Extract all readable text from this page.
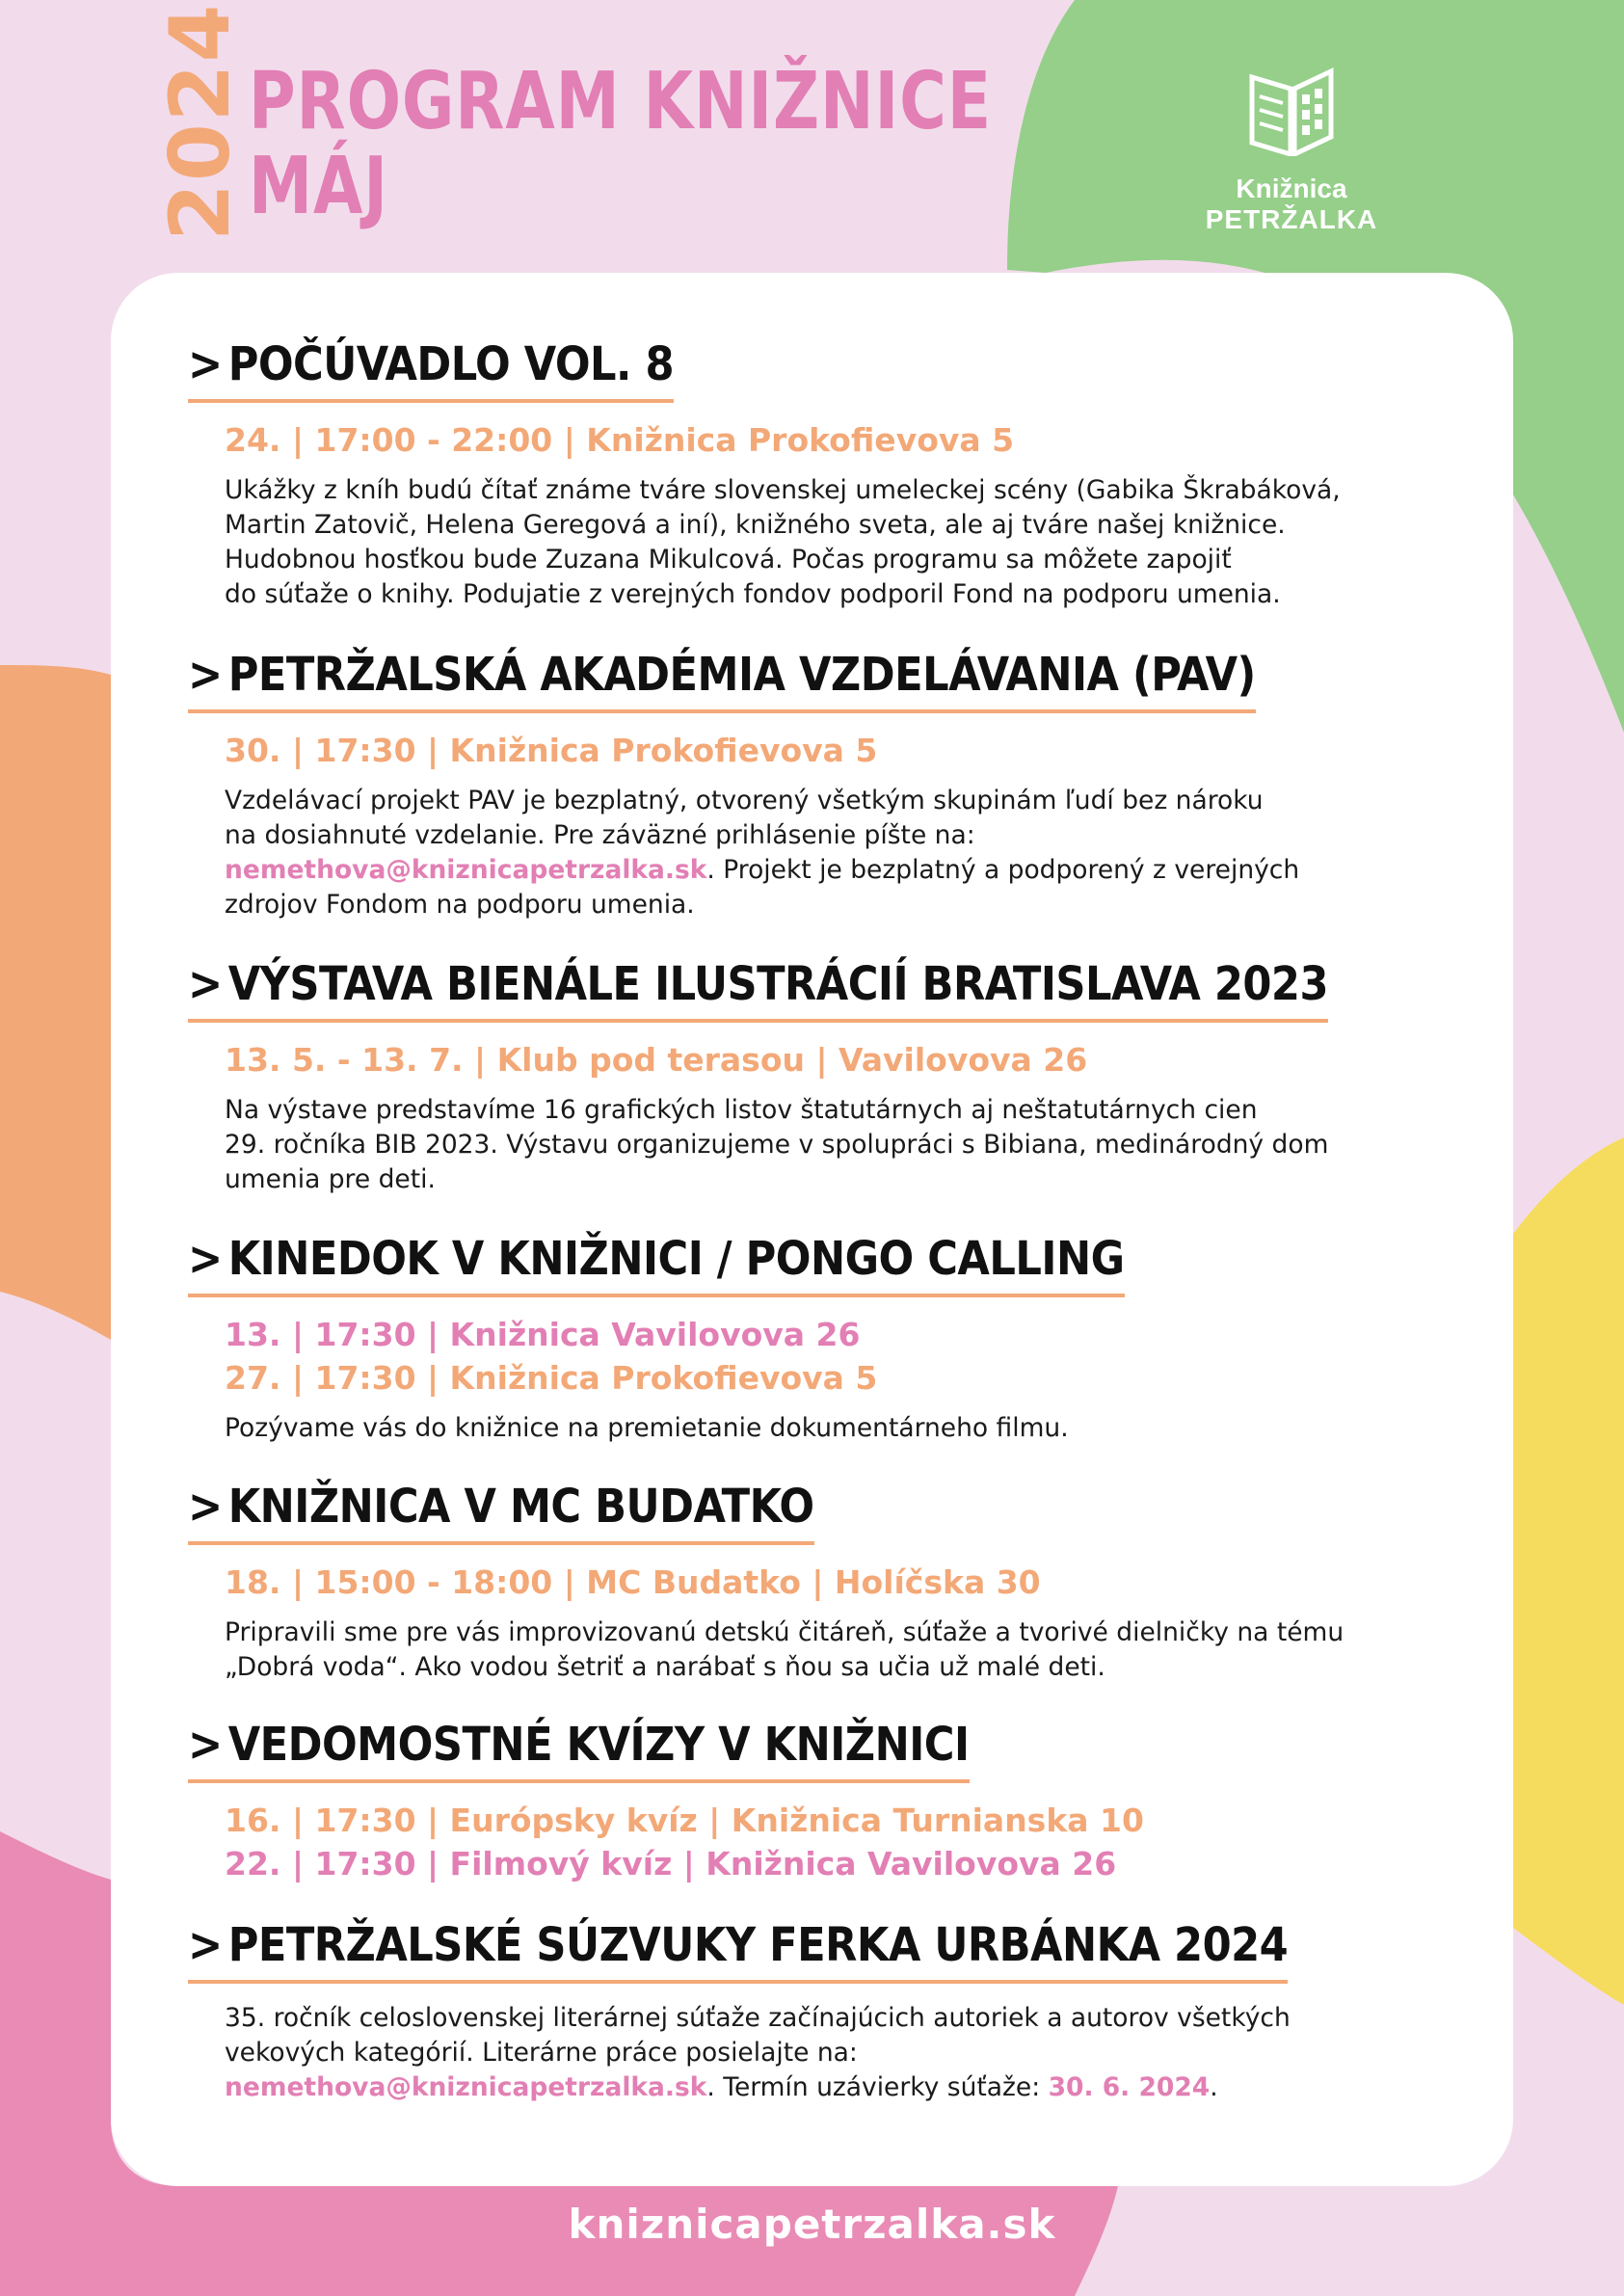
2024 PROGRAM KNIŽNICE
MÁJ	Knižnica
PETRŽALKA
> POČÚVADLO VOL. 8
24. | 17:00 - 22:00 | Knižnica Prokofievova 5
Ukážky z kníh budú čítať známe tváre slovenskej umeleckej scény (Gabika Škrabáková,
Martin Zatovič, Helena Geregová a iní), knižného sveta, ale aj tváre našej knižnice.
Hudobnou hosťkou bude Zuzana Mikulcová. Počas programu sa môžete zapojiť
do súťaže o knihy. Podujatie z verejných fondov podporil Fond na podporu umenia.
> PETRŽALSKÁ AKADÉMIA VZDELÁVANIA (PAV)
30. | 17:30 | Knižnica Prokofievova 5
Vzdelávací projekt PAV je bezplatný, otvorený všetkým skupinám ľudí bez nároku
na dosiahnuté vzdelanie. Pre záväzné prihlásenie píšte na:
nemethova@kniznicapetrzalka.sk. Projekt je bezplatný a podporený z verejných
zdrojov Fondom na podporu umenia.
> VÝSTAVA BIENÁLE ILUSTRÁCIÍ BRATISLAVA 2023
13. 5. - 13. 7. | Klub pod terasou | Vavilovova 26
Na výstave predstavíme 16 grafických listov štatutárnych aj neštatutárnych cien
29. ročníka BIB 2023. Výstavu organizujeme v spolupráci s Bibiana, medinárodný dom
umenia pre deti.
> KINEDOK V KNIŽNICI / PONGO CALLING
13. | 17:30 | Knižnica Vavilovova 26
27. | 17:30 | Knižnica Prokofievova 5
Pozývame vás do knižnice na premietanie dokumentárneho filmu.
> KNIŽNICA V MC BUDATKO
18. | 15:00 - 18:00 | MC Budatko | Holíčska 30
Pripravili sme pre vás improvizovanú detskú čitáreň, súťaže a tvorivé dielničky na tému
„Dobrá voda“. Ako vodou šetriť a narábať s ňou sa učia už malé deti.
> VEDOMOSTNÉ KVÍZY V KNIŽNICI
16. | 17:30 | Európsky kvíz | Knižnica Turnianska 10
22. | 17:30 | Filmový kvíz | Knižnica Vavilovova 26
> PETRŽALSKÉ SÚZVUKY FERKA URBÁNKA 2024
35. ročník celoslovenskej literárnej súťaže začínajúcich autoriek a autorov všetkých
vekových kategórií. Literárne práce posielajte na:
nemethova@kniznicapetrzalka.sk. Termín uzávierky súťaže: 30. 6. 2024.
kniznicapetrzalka.sk
